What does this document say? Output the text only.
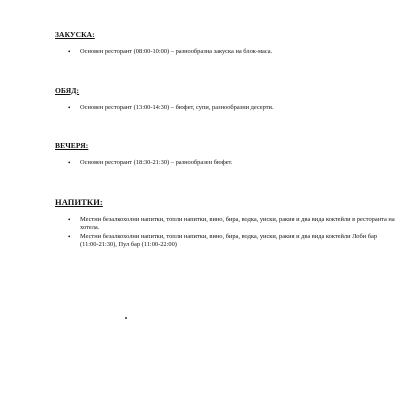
ЗАКУСКА:

• Основен ресторант (08:00-10:00) – разнообразна закуска на блок-маса.

ОБЯД:

• Основен ресторант (13:00-14:30) – бюфет, супи, разнообразни десерти.

ВЕЧЕРЯ:

• Основен ресторант (18:30-21:30) – разнообразен бюфет.

НАПИТКИ:

• Местни безалкохолни напитки, топли напитки, вино, бира, водка, уиски, ракия и два вида коктейли в ресторанта на хотела.
• Местни безалкохолни напитки, топли напитки, вино, бира, водка, уиски, ракия и два вида коктейли Лоби бар (11:00-21:30), Пул бар (11:00-22:00)
